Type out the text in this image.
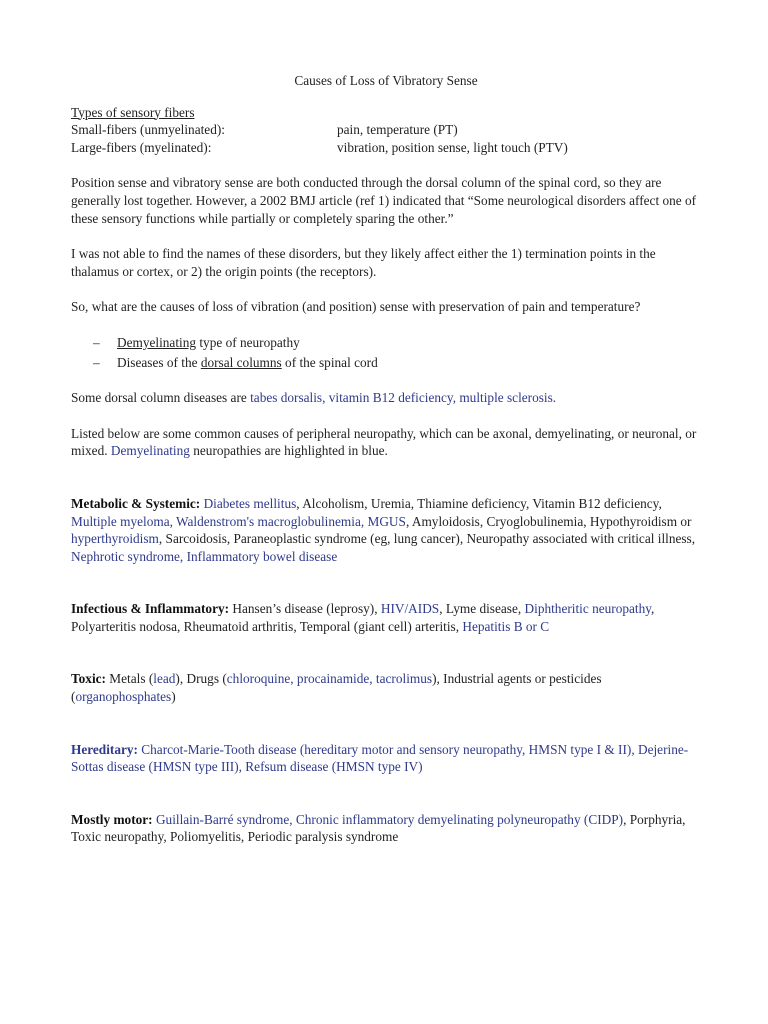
Causes of Loss of Vibratory Sense
Types of sensory fibers
Small-fibers (unmyelinated):	pain, temperature (PT)
Large-fibers (myelinated):	vibration, position sense, light touch (PTV)

Position sense and vibratory sense are both conducted through the dorsal column of the spinal cord, so they are generally lost together. However, a 2002 BMJ article (ref 1) indicated that “Some neurological disorders affect one of these sensory functions while partially or completely sparing the other.”

I was not able to find the names of these disorders, but they likely affect either the 1) termination points in the thalamus or cortex, or 2) the origin points (the receptors).

So, what are the causes of loss of vibration (and position) sense with preservation of pain and temperature?

– Demyelinating type of neuropathy
– Diseases of the dorsal columns of the spinal cord

Some dorsal column diseases are tabes dorsalis, vitamin B12 deficiency, multiple sclerosis.

Listed below are some common causes of peripheral neuropathy, which can be axonal, demyelinating, or neuronal, or mixed. Demyelinating neuropathies are highlighted in blue.

Metabolic & Systemic: Diabetes mellitus, Alcoholism, Uremia, Thiamine deficiency, Vitamin B12 deficiency, Multiple myeloma, Waldenstrom's macroglobulinemia, MGUS, Amyloidosis, Cryoglobulinemia, Hypothyroidism or hyperthyroidism, Sarcoidosis, Paraneoplastic syndrome (eg, lung cancer), Neuropathy associated with critical illness, Nephrotic syndrome, Inflammatory bowel disease

Infectious & Inflammatory: Hansen’s disease (leprosy), HIV/AIDS, Lyme disease, Diphtheritic neuropathy, Polyarteritis nodosa, Rheumatoid arthritis, Temporal (giant cell) arteritis, Hepatitis B or C

Toxic: Metals (lead), Drugs (chloroquine, procainamide, tacrolimus), Industrial agents or pesticides (organophosphates)

Hereditary: Charcot-Marie-Tooth disease (hereditary motor and sensory neuropathy, HMSN type I & II), Dejerine-Sottas disease (HMSN type III), Refsum disease (HMSN type IV)

Mostly motor: Guillain-Barré syndrome, Chronic inflammatory demyelinating polyneuropathy (CIDP), Porphyria, Toxic neuropathy, Poliomyelitis, Periodic paralysis syndrome
